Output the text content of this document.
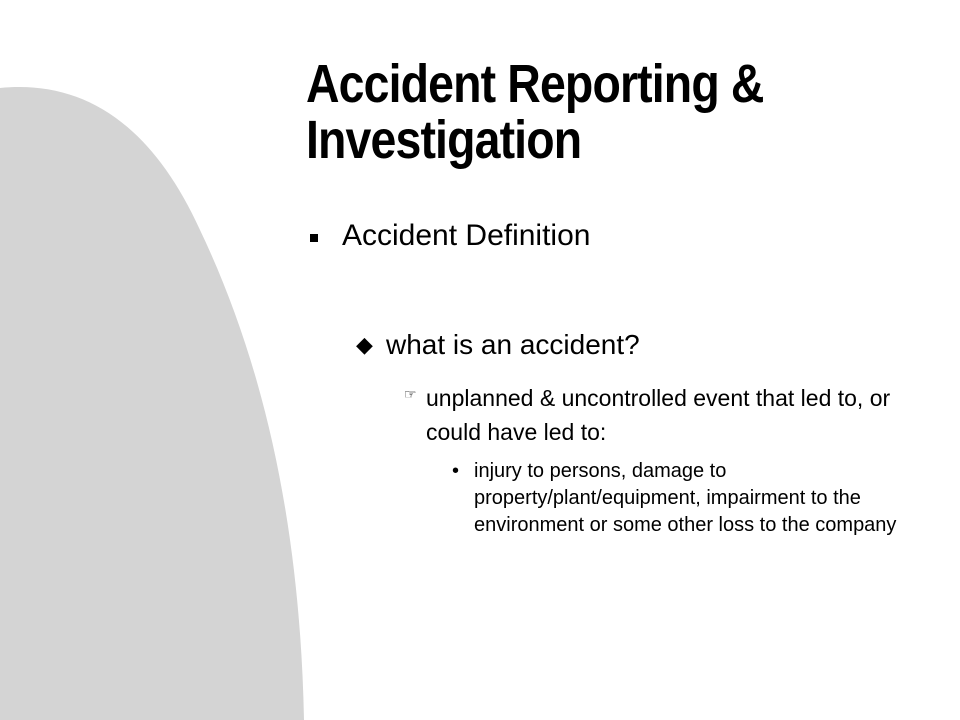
Accident Reporting & Investigation
Accident Definition
◆ what is an accident?
☞ unplanned & uncontrolled event that led to, or could have led to:
• injury to persons, damage to property/plant/equipment, impairment to the environment or some other loss to the company
